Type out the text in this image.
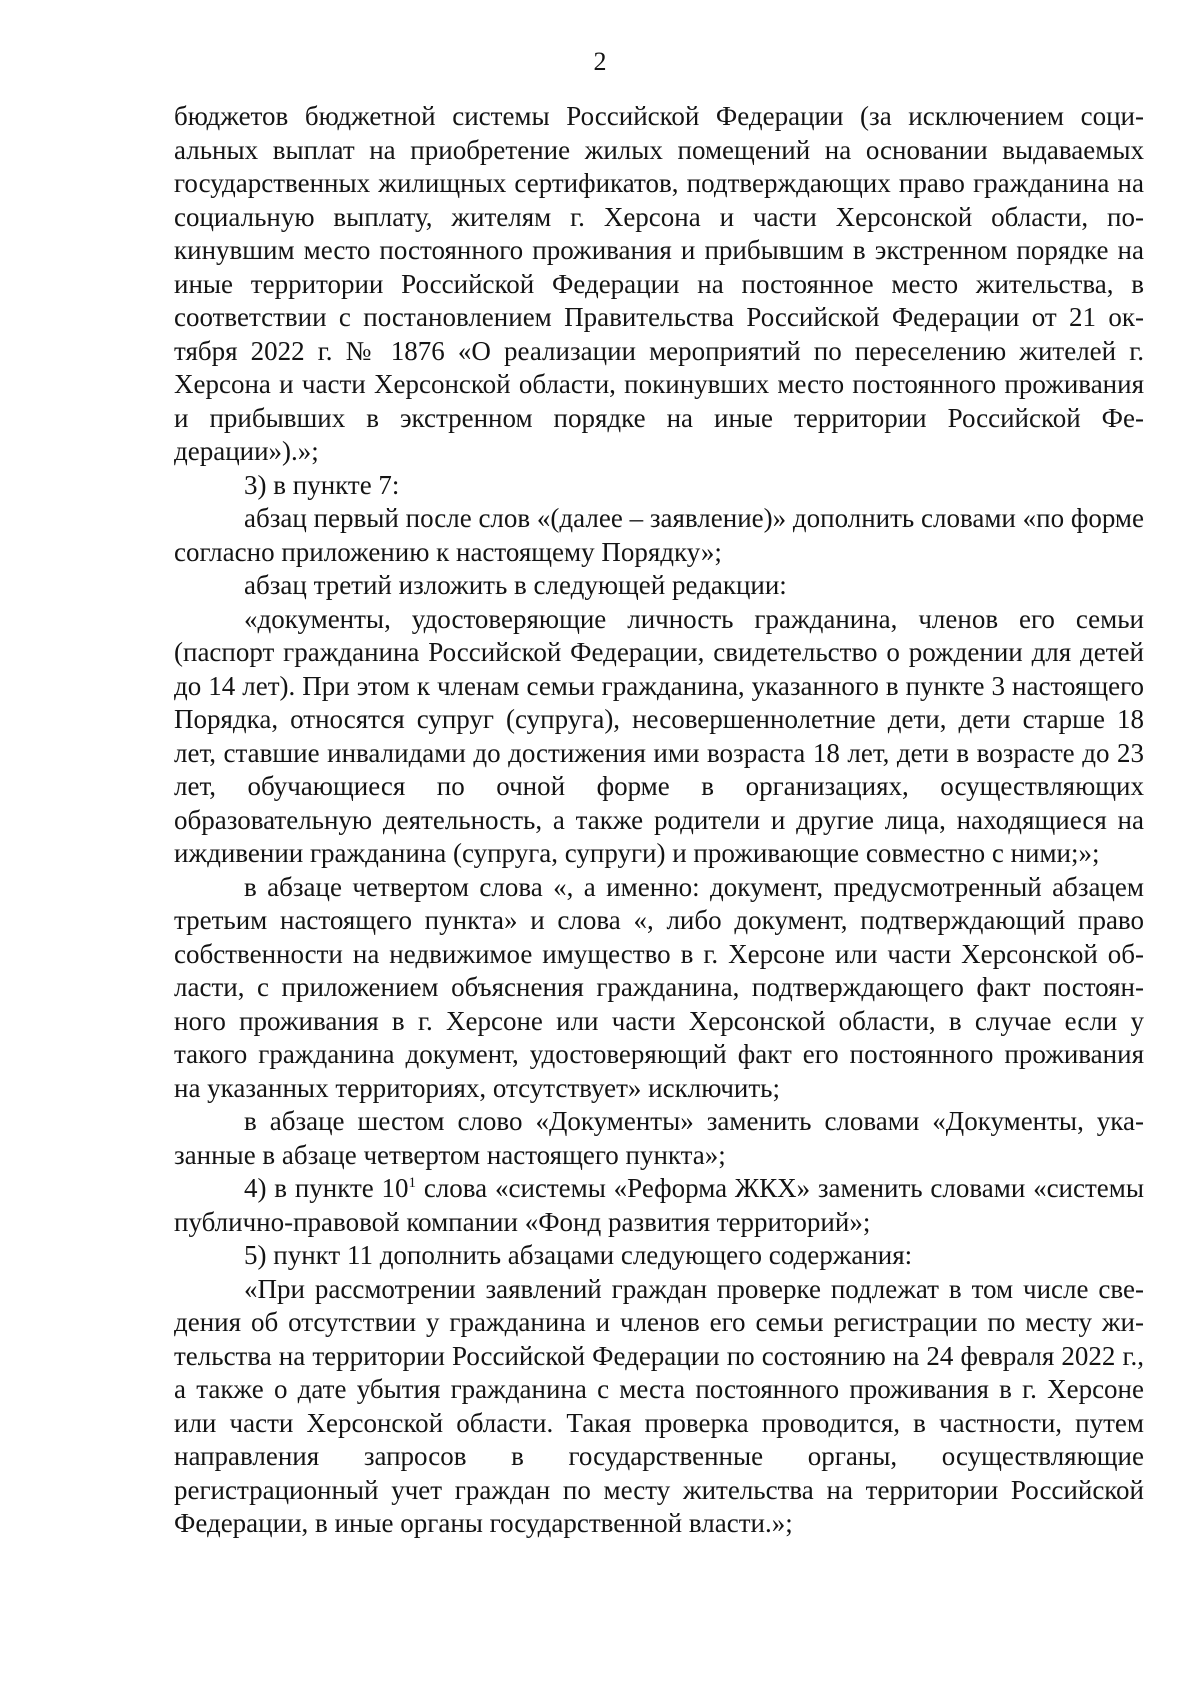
2

бюджетов бюджетной системы Российской Федерации (за исключением социальных выплат на приобретение жилых помещений на основании выдаваемых государственных жилищных сертификатов, подтверждающих право гражданина на социальную выплату, жителям г. Херсона и части Херсонской области, покинувшим место постоянного проживания и прибывшим в экстренном порядке на иные территории Российской Федерации на постоянное место жительства, в соответствии с постановлением Правительства Российской Федерации от 21 октября 2022 г. № 1876 «О реализации мероприятий по переселению жителей г. Херсона и части Херсонской области, покинувших место постоянного проживания и прибывших в экстренном порядке на иные территории Российской Федерации»).»;

3) в пункте 7:

абзац первый после слов «(далее – заявление)» дополнить словами «по форме согласно приложению к настоящему Порядку»;

абзац третий изложить в следующей редакции:

«документы, удостоверяющие личность гражданина, членов его семьи (паспорт гражданина Российской Федерации, свидетельство о рождении для детей до 14 лет). При этом к членам семьи гражданина, указанного в пункте 3 настоящего Порядка, относятся супруг (супруга), несовершеннолетние дети, дети старше 18 лет, ставшие инвалидами до достижения ими возраста 18 лет, дети в возрасте до 23 лет, обучающиеся по очной форме в организациях, осуществляющих образовательную деятельность, а также родители и другие лица, находящиеся на иждивении гражданина (супруга, супруги) и проживающие совместно с ними;»;

в абзаце четвертом слова «, а именно: документ, предусмотренный абзацем третьим настоящего пункта» и слова «, либо документ, подтверждающий право собственности на недвижимое имущество в г. Херсоне или части Херсонской области, с приложением объяснения гражданина, подтверждающего факт постоянного проживания в г. Херсоне или части Херсонской области, в случае если у такого гражданина документ, удостоверяющий факт его постоянного проживания на указанных территориях, отсутствует» исключить;

в абзаце шестом слово «Документы» заменить словами «Документы, указанные в абзаце четвертом настоящего пункта»;

4) в пункте $10^1$ слова «системы «Реформа ЖКХ» заменить словами «системы публично-правовой компании «Фонд развития территорий»;

5) пункт 11 дополнить абзацами следующего содержания:

«При рассмотрении заявлений граждан проверке подлежат в том числе сведения об отсутствии у гражданина и членов его семьи регистрации по месту жительства на территории Российской Федерации по состоянию на 24 февраля 2022 г., а также о дате убытия гражданина с места постоянного проживания в г. Херсоне или части Херсонской области. Такая проверка проводится, в частности, путем направления запросов в государственные органы, осуществляющие регистрационный учет граждан по месту жительства на территории Российской Федерации, в иные органы государственной власти.»;
